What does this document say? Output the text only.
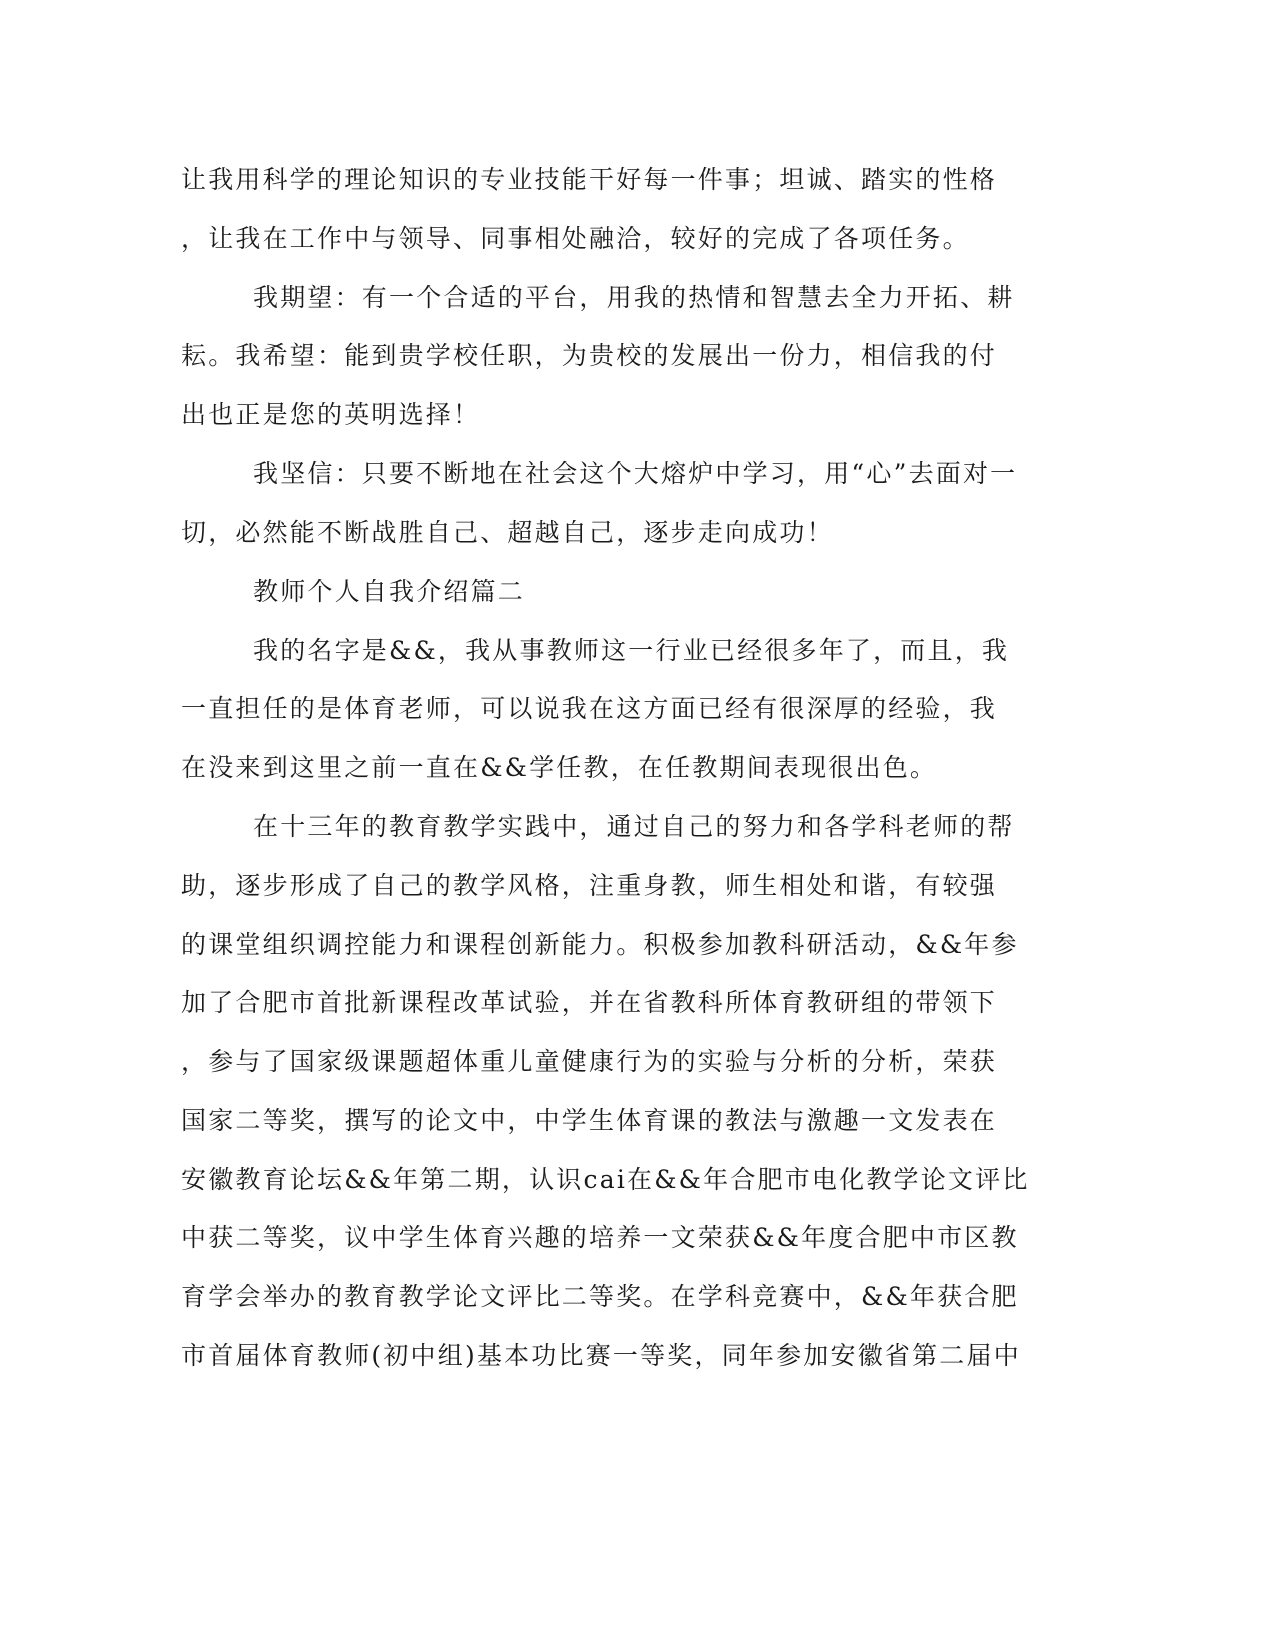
让我用科学的理论知识的专业技能干好每一件事；坦诚、踏实的性格

，让我在工作中与领导、同事相处融洽，较好的完成了各项任务。

我期望：有一个合适的平台，用我的热情和智慧去全力开拓、耕

耘。我希望：能到贵学校任职，为贵校的发展出一份力，相信我的付

出也正是您的英明选择！

我坚信：只要不断地在社会这个大熔炉中学习，用“心”去面对一

切，必然能不断战胜自己、超越自己，逐步走向成功！

教师个人自我介绍篇二

我的名字是&&，我从事教师这一行业已经很多年了，而且，我

一直担任的是体育老师，可以说我在这方面已经有很深厚的经验，我

在没来到这里之前一直在&&学任教，在任教期间表现很出色。

在十三年的教育教学实践中，通过自己的努力和各学科老师的帮

助，逐步形成了自己的教学风格，注重身教，师生相处和谐，有较强

的课堂组织调控能力和课程创新能力。积极参加教科研活动，&&年参

加了合肥市首批新课程改革试验，并在省教科所体育教研组的带领下

，参与了国家级课题超体重儿童健康行为的实验与分析的分析，荣获

国家二等奖，撰写的论文中，中学生体育课的教法与激趣一文发表在

安徽教育论坛&&年第二期，认识cai在&&年合肥市电化教学论文评比

中获二等奖，议中学生体育兴趣的培养一文荣获&&年度合肥中市区教

育学会举办的教育教学论文评比二等奖。在学科竞赛中，&&年获合肥

市首届体育教师(初中组)基本功比赛一等奖，同年参加安徽省第二届中
